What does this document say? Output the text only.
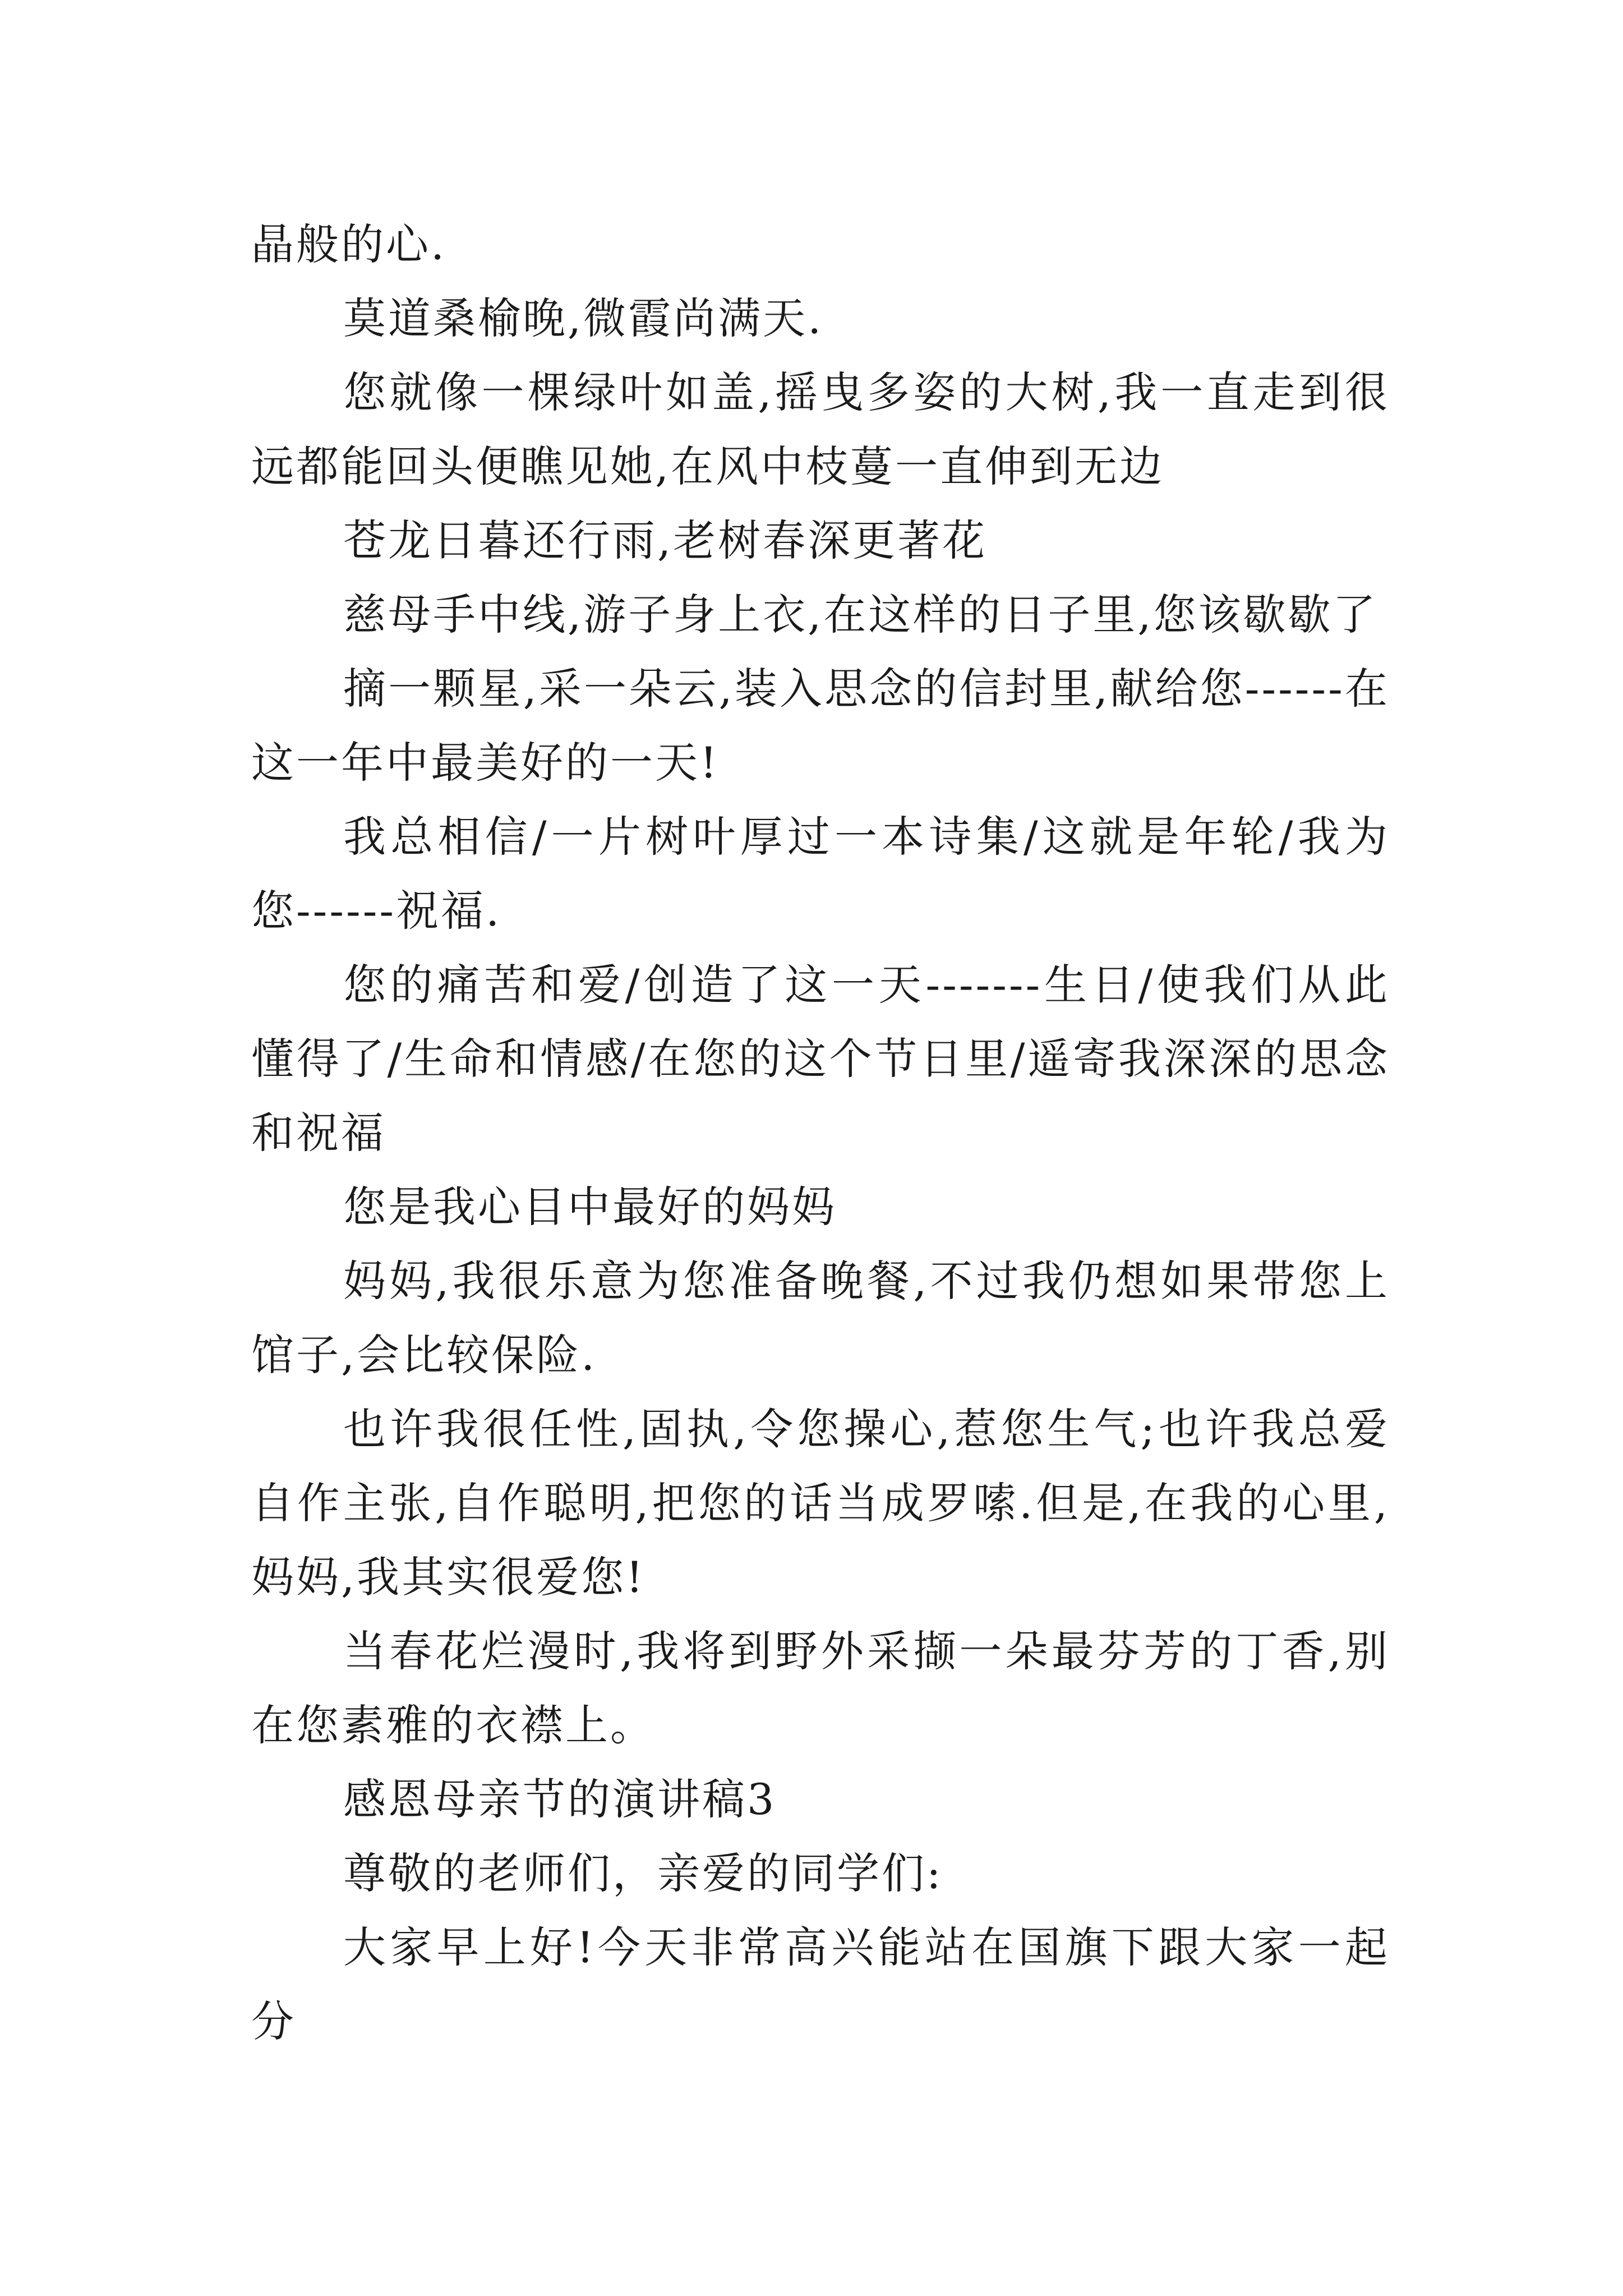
晶般的心.

莫道桑榆晚,微霞尚满天.

您就像一棵绿叶如盖,摇曳多姿的大树,我一直走到很远都能回头便瞧见她,在风中枝蔓一直伸到无边

苍龙日暮还行雨,老树春深更著花

慈母手中线,游子身上衣,在这样的日子里,您该歇歇了

摘一颗星,采一朵云,装入思念的信封里,献给您------在这一年中最美好的一天!

我总相信/一片树叶厚过一本诗集/这就是年轮/我为您------祝福.

您的痛苦和爱/创造了这一天-------生日/使我们从此懂得了/生命和情感/在您的这个节日里/遥寄我深深的思念和祝福

您是我心目中最好的妈妈

妈妈,我很乐意为您准备晚餐,不过我仍想如果带您上馆子,会比较保险.

也许我很任性,固执,令您操心,惹您生气;也许我总爱自作主张,自作聪明,把您的话当成罗嗦.但是,在我的心里,妈妈,我其实很爱您!

当春花烂漫时,我将到野外采撷一朵最芬芳的丁香,别在您素雅的衣襟上。

感恩母亲节的演讲稿3

尊敬的老师们，亲爱的同学们:

大家早上好!今天非常高兴能站在国旗下跟大家一起分
